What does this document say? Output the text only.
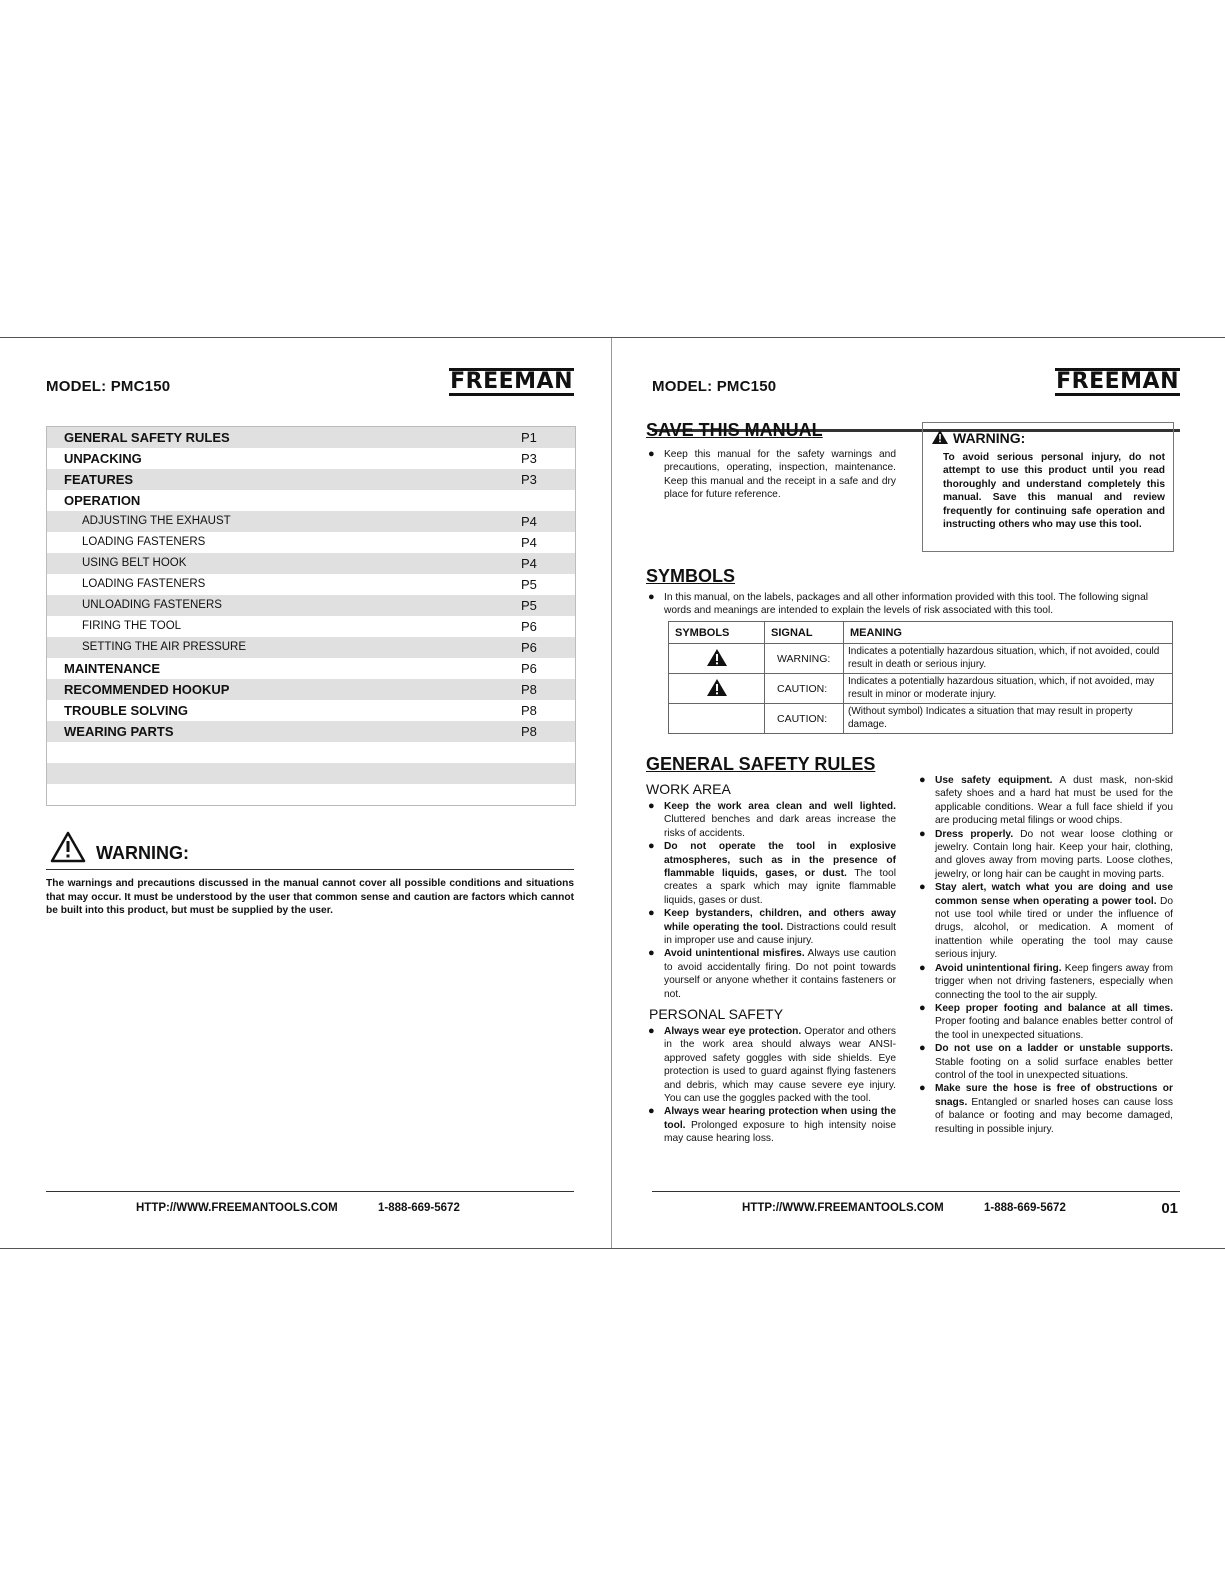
MODEL: PMC150	FREEMAN
GENERAL SAFETY RULES	P1
UNPACKING	P3
FEATURES	P3
OPERATION
ADJUSTING THE EXHAUST	P4
LOADING FASTENERS	P4
USING BELT HOOK	P4
LOADING FASTENERS	P5
UNLOADING FASTENERS	P5
FIRING THE TOOL	P6
SETTING THE AIR PRESSURE	P6
MAINTENANCE	P6
RECOMMENDED HOOKUP	P8
TROUBLE SOLVING	P8
WEARING PARTS	P8
WARNING:
The warnings and precautions discussed in the manual cannot cover all possible conditions and situations that may occur. It must be understood by the user that common sense and caution are factors which cannot be built into this product, but must be supplied by the user.
HTTP://WWW.FREEMANTOOLS.COM	1-888-669-5672
MODEL: PMC150	FREEMAN
SAVE THIS MANUAL
● Keep this manual for the safety warnings and precautions, operating, inspection, maintenance. Keep this manual and the receipt in a safe and dry place for future reference.
WARNING:
To avoid serious personal injury, do not attempt to use this product until you read thoroughly and understand completely this manual. Save this manual and review frequently for continuing safe operation and instructing others who may use this tool.
SYMBOLS
● In this manual, on the labels, packages and all other information provided with this tool. The following signal words and meanings are intended to explain the levels of risk associated with this tool.
SYMBOLS	SIGNAL	MEANING
	WARNING:	Indicates a potentially hazardous situation, which, if not avoided, could result in death or serious injury.
	CAUTION:	Indicates a potentially hazardous situation, which, if not avoided, may result in minor or moderate injury.
	CAUTION:	(Without symbol) Indicates a situation that may result in property damage.
GENERAL SAFETY RULES
WORK AREA
● Keep the work area clean and well lighted. Cluttered benches and dark areas increase the risks of accidents.
● Do not operate the tool in explosive atmospheres, such as in the presence of flammable liquids, gases, or dust. The tool creates a spark which may ignite flammable liquids, gases or dust.
● Keep bystanders, children, and others away while operating the tool. Distractions could result in improper use and cause injury.
● Avoid unintentional misfires. Always use caution to avoid accidentally firing. Do not point towards yourself or anyone whether it contains fasteners or not.
PERSONAL SAFETY
● Always wear eye protection. Operator and others in the work area should always wear ANSI-approved safety goggles with side shields. Eye protection is used to guard against flying fasteners and debris, which may cause severe eye injury. You can use the goggles packed with the tool.
● Always wear hearing protection when using the tool. Prolonged exposure to high intensity noise may cause hearing loss.
● Use safety equipment. A dust mask, non-skid safety shoes and a hard hat must be used for the applicable conditions. Wear a full face shield if you are producing metal filings or wood chips.
● Dress properly. Do not wear loose clothing or jewelry. Contain long hair. Keep your hair, clothing, and gloves away from moving parts. Loose clothes, jewelry, or long hair can be caught in moving parts.
● Stay alert, watch what you are doing and use common sense when operating a power tool. Do not use tool while tired or under the influence of drugs, alcohol, or medication. A moment of inattention while operating the tool may cause serious injury.
● Avoid unintentional firing. Keep fingers away from trigger when not driving fasteners, especially when connecting the tool to the air supply.
● Keep proper footing and balance at all times. Proper footing and balance enables better control of the tool in unexpected situations.
● Do not use on a ladder or unstable supports. Stable footing on a solid surface enables better control of the tool in unexpected situations.
● Make sure the hose is free of obstructions or snags. Entangled or snarled hoses can cause loss of balance or footing and may become damaged, resulting in possible injury.
HTTP://WWW.FREEMANTOOLS.COM	1-888-669-5672	01
